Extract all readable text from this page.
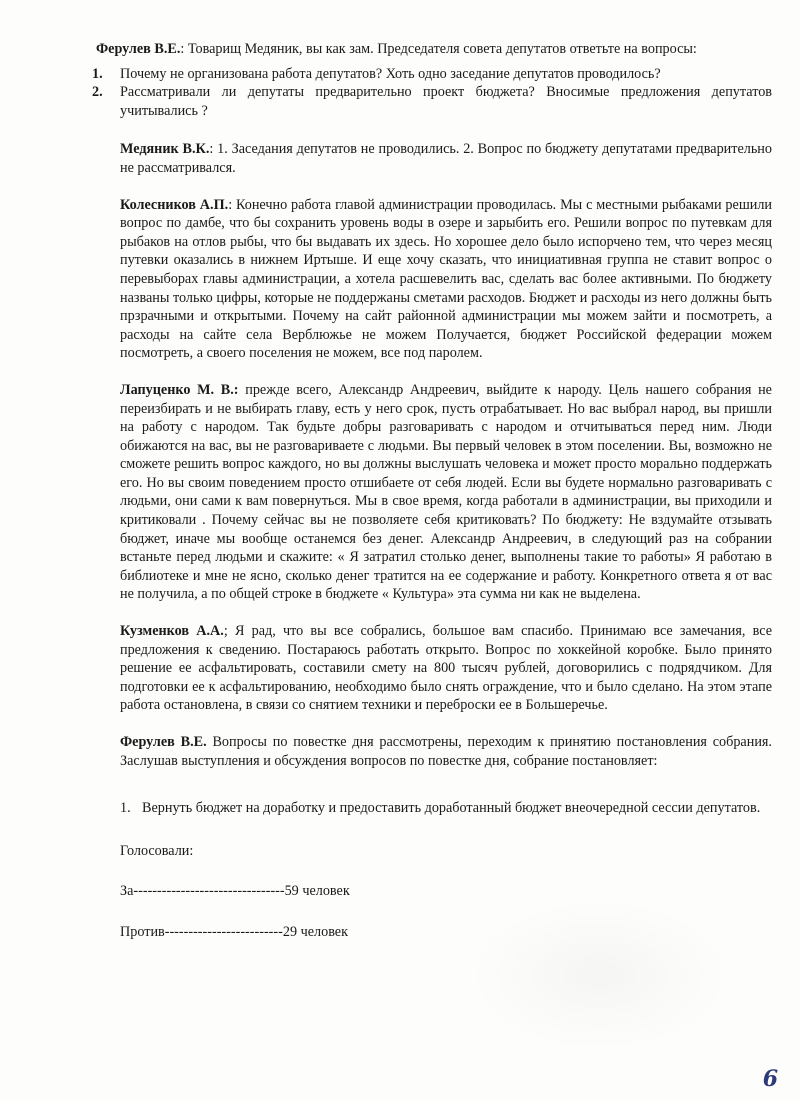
Ферулев В.Е.: Товарищ Медяник, вы как зам. Председателя совета депутатов ответьте на вопросы:

1. Почему не организована работа депутатов? Хоть одно заседание депутатов проводилось?
2. Рассматривали ли депутаты предварительно проект бюджета? Вносимые предложения депутатов учитывались ?

Медяник В.К.: 1. Заседания депутатов не проводились. 2. Вопрос по бюджету депутатами предварительно не рассматривался.

Колесников А.П.: Конечно работа главой администрации проводилась. Мы с местными рыбаками решили вопрос по дамбе, что бы сохранить уровень воды в озере и зарыбить его. Решили вопрос по путевкам для рыбаков на отлов рыбы, что бы выдавать их здесь. Но хорошее дело было испорчено тем, что через месяц путевки оказались в нижнем Иртыше. И еще хочу сказать, что инициативная группа не ставит вопрос о перевыборах главы администрации, а хотела расшевелить вас, сделать вас более активными. По бюджету названы только цифры, которые не поддержаны сметами расходов. Бюджет и расходы из него должны быть прзрачными и открытыми. Почему на сайт районной администрации мы можем зайти и посмотреть, а расходы на сайте села Верблюжье не можем Получается, бюджет Российской федерации можем посмотреть, а своего поселения не можем, все под паролем.

Лапуценко М. В.: прежде всего, Александр Андреевич, выйдите к народу. Цель нашего собрания не переизбирать и не выбирать главу, есть у него срок, пусть отрабатывает. Но вас выбрал народ, вы пришли на работу с народом. Так будьте добры разговаривать с народом и отчитываться перед ним. Люди обижаются на вас, вы не разговариваете с людьми. Вы первый человек в этом поселении. Вы, возможно не сможете решить вопрос каждого, но вы должны выслушать человека и может просто морально поддержать его. Но вы своим поведением просто отшибаете от себя людей. Если вы будете нормально разговаривать с людьми, они сами к вам повернуться. Мы в свое время, когда работали в администрации, вы приходили и критиковали . Почему сейчас вы не позволяете себя критиковать? По бюджету: Не вздумайте отзывать бюджет, иначе мы вообще останемся без денег. Александр Андреевич, в следующий раз на собрании встаньте перед людьми и скажите: « Я затратил столько денег, выполнены такие то работы» Я работаю в библиотеке и мне не ясно, сколько денег тратится на ее содержание и работу. Конкретного ответа я от вас не получила, а по общей строке в бюджете « Культура» эта сумма ни как не выделена.

Кузменков А.А.; Я рад, что вы все собрались, большое вам спасибо. Принимаю все замечания, все предложения к сведению. Постараюсь работать открыто. Вопрос по хоккейной коробке. Было принято решение ее асфальтировать, составили смету на 800 тысяч рублей, договорились с подрядчиком. Для подготовки ее к асфальтированию, необходимо было снять ограждение, что и было сделано. На этом этапе работа остановлена, в связи со снятием техники и переброски ее в Большеречье.

Ферулев В.Е. Вопросы по повестке дня рассмотрены, переходим к принятию постановления собрания. Заслушав выступления и обсуждения вопросов по повестке дня, собрание постановляет:

1. Вернуть бюджет на доработку и предоставить доработанный бюджет внеочередной сессии депутатов.

Голосовали:

За--------------------------------59 человек

Против-------------------------29 человек

6
